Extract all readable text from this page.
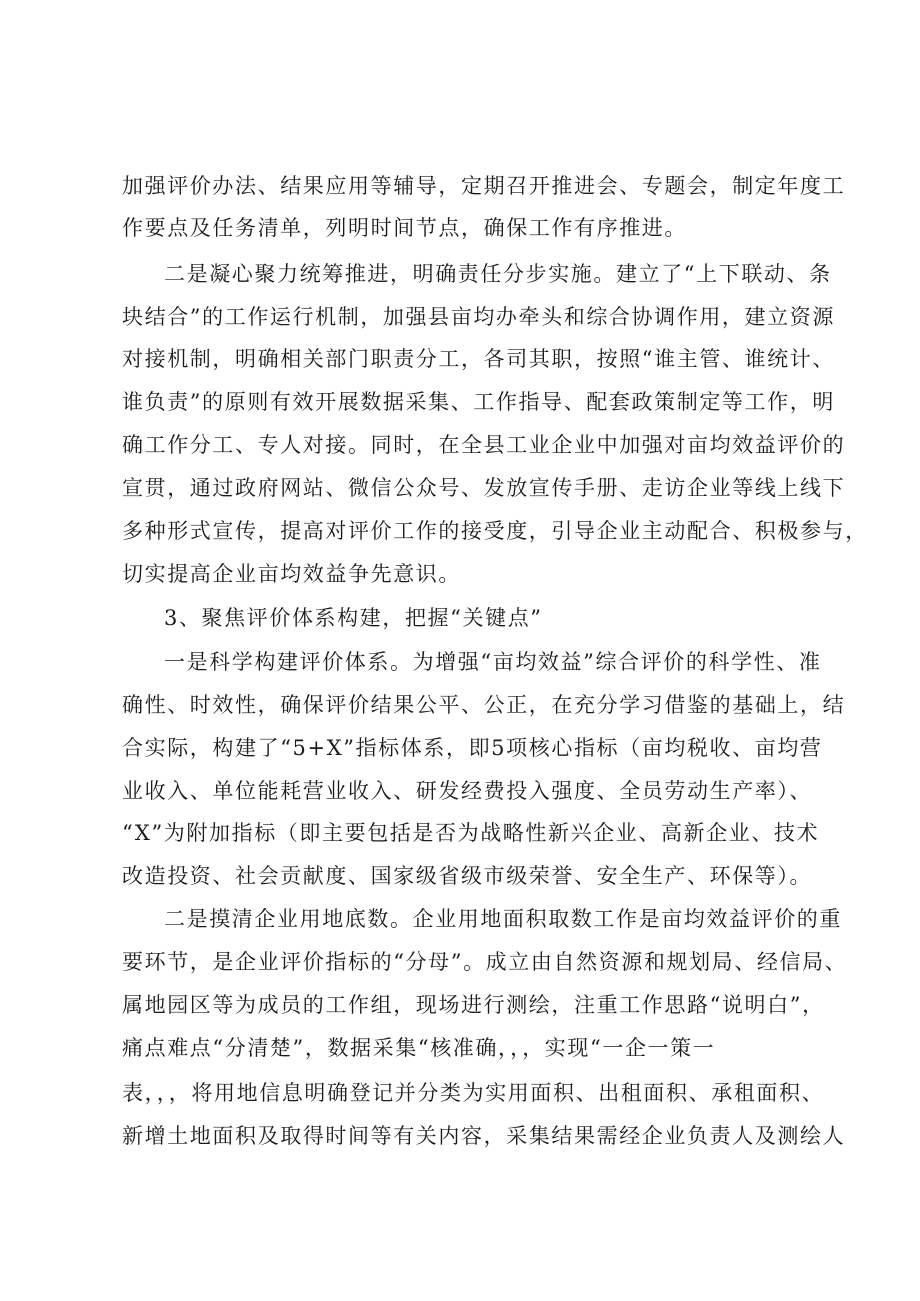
加强评价办法、结果应用等辅导，定期召开推进会、专题会，制定年度工

作要点及任务清单，列明时间节点，确保工作有序推进。

二是凝心聚力统筹推进，明确责任分步实施。建立了“上下联动、条

块结合”的工作运行机制，加强县亩均办牵头和综合协调作用，建立资源

对接机制，明确相关部门职责分工，各司其职，按照“谁主管、谁统计、

谁负责”的原则有效开展数据采集、工作指导、配套政策制定等工作，明

确工作分工、专人对接。同时，在全县工业企业中加强对亩均效益评价的

宣贯，通过政府网站、微信公众号、发放宣传手册、走访企业等线上线下

多种形式宣传，提高对评价工作的接受度，引导企业主动配合、积极参与，

切实提高企业亩均效益争先意识。

3、聚焦评价体系构建，把握“关键点”

一是科学构建评价体系。为增强“亩均效益”综合评价的科学性、准

确性、时效性，确保评价结果公平、公正，在充分学习借鉴的基础上，结

合实际，构建了“5+X”指标体系，即5项核心指标（亩均税收、亩均营

业收入、单位能耗营业收入、研发经费投入强度、全员劳动生产率）、

“X”为附加指标（即主要包括是否为战略性新兴企业、高新企业、技术

改造投资、社会贡献度、国家级省级市级荣誉、安全生产、环保等）。

二是摸清企业用地底数。企业用地面积取数工作是亩均效益评价的重

要环节，是企业评价指标的“分母”。成立由自然资源和规划局、经信局、

属地园区等为成员的工作组，现场进行测绘，注重工作思路“说明白”，

痛点难点“分清楚”，数据采集“核准确，，，实现“一企一策一

表，，，将用地信息明确登记并分类为实用面积、出租面积、承租面积、

新增土地面积及取得时间等有关内容，采集结果需经企业负责人及测绘人
